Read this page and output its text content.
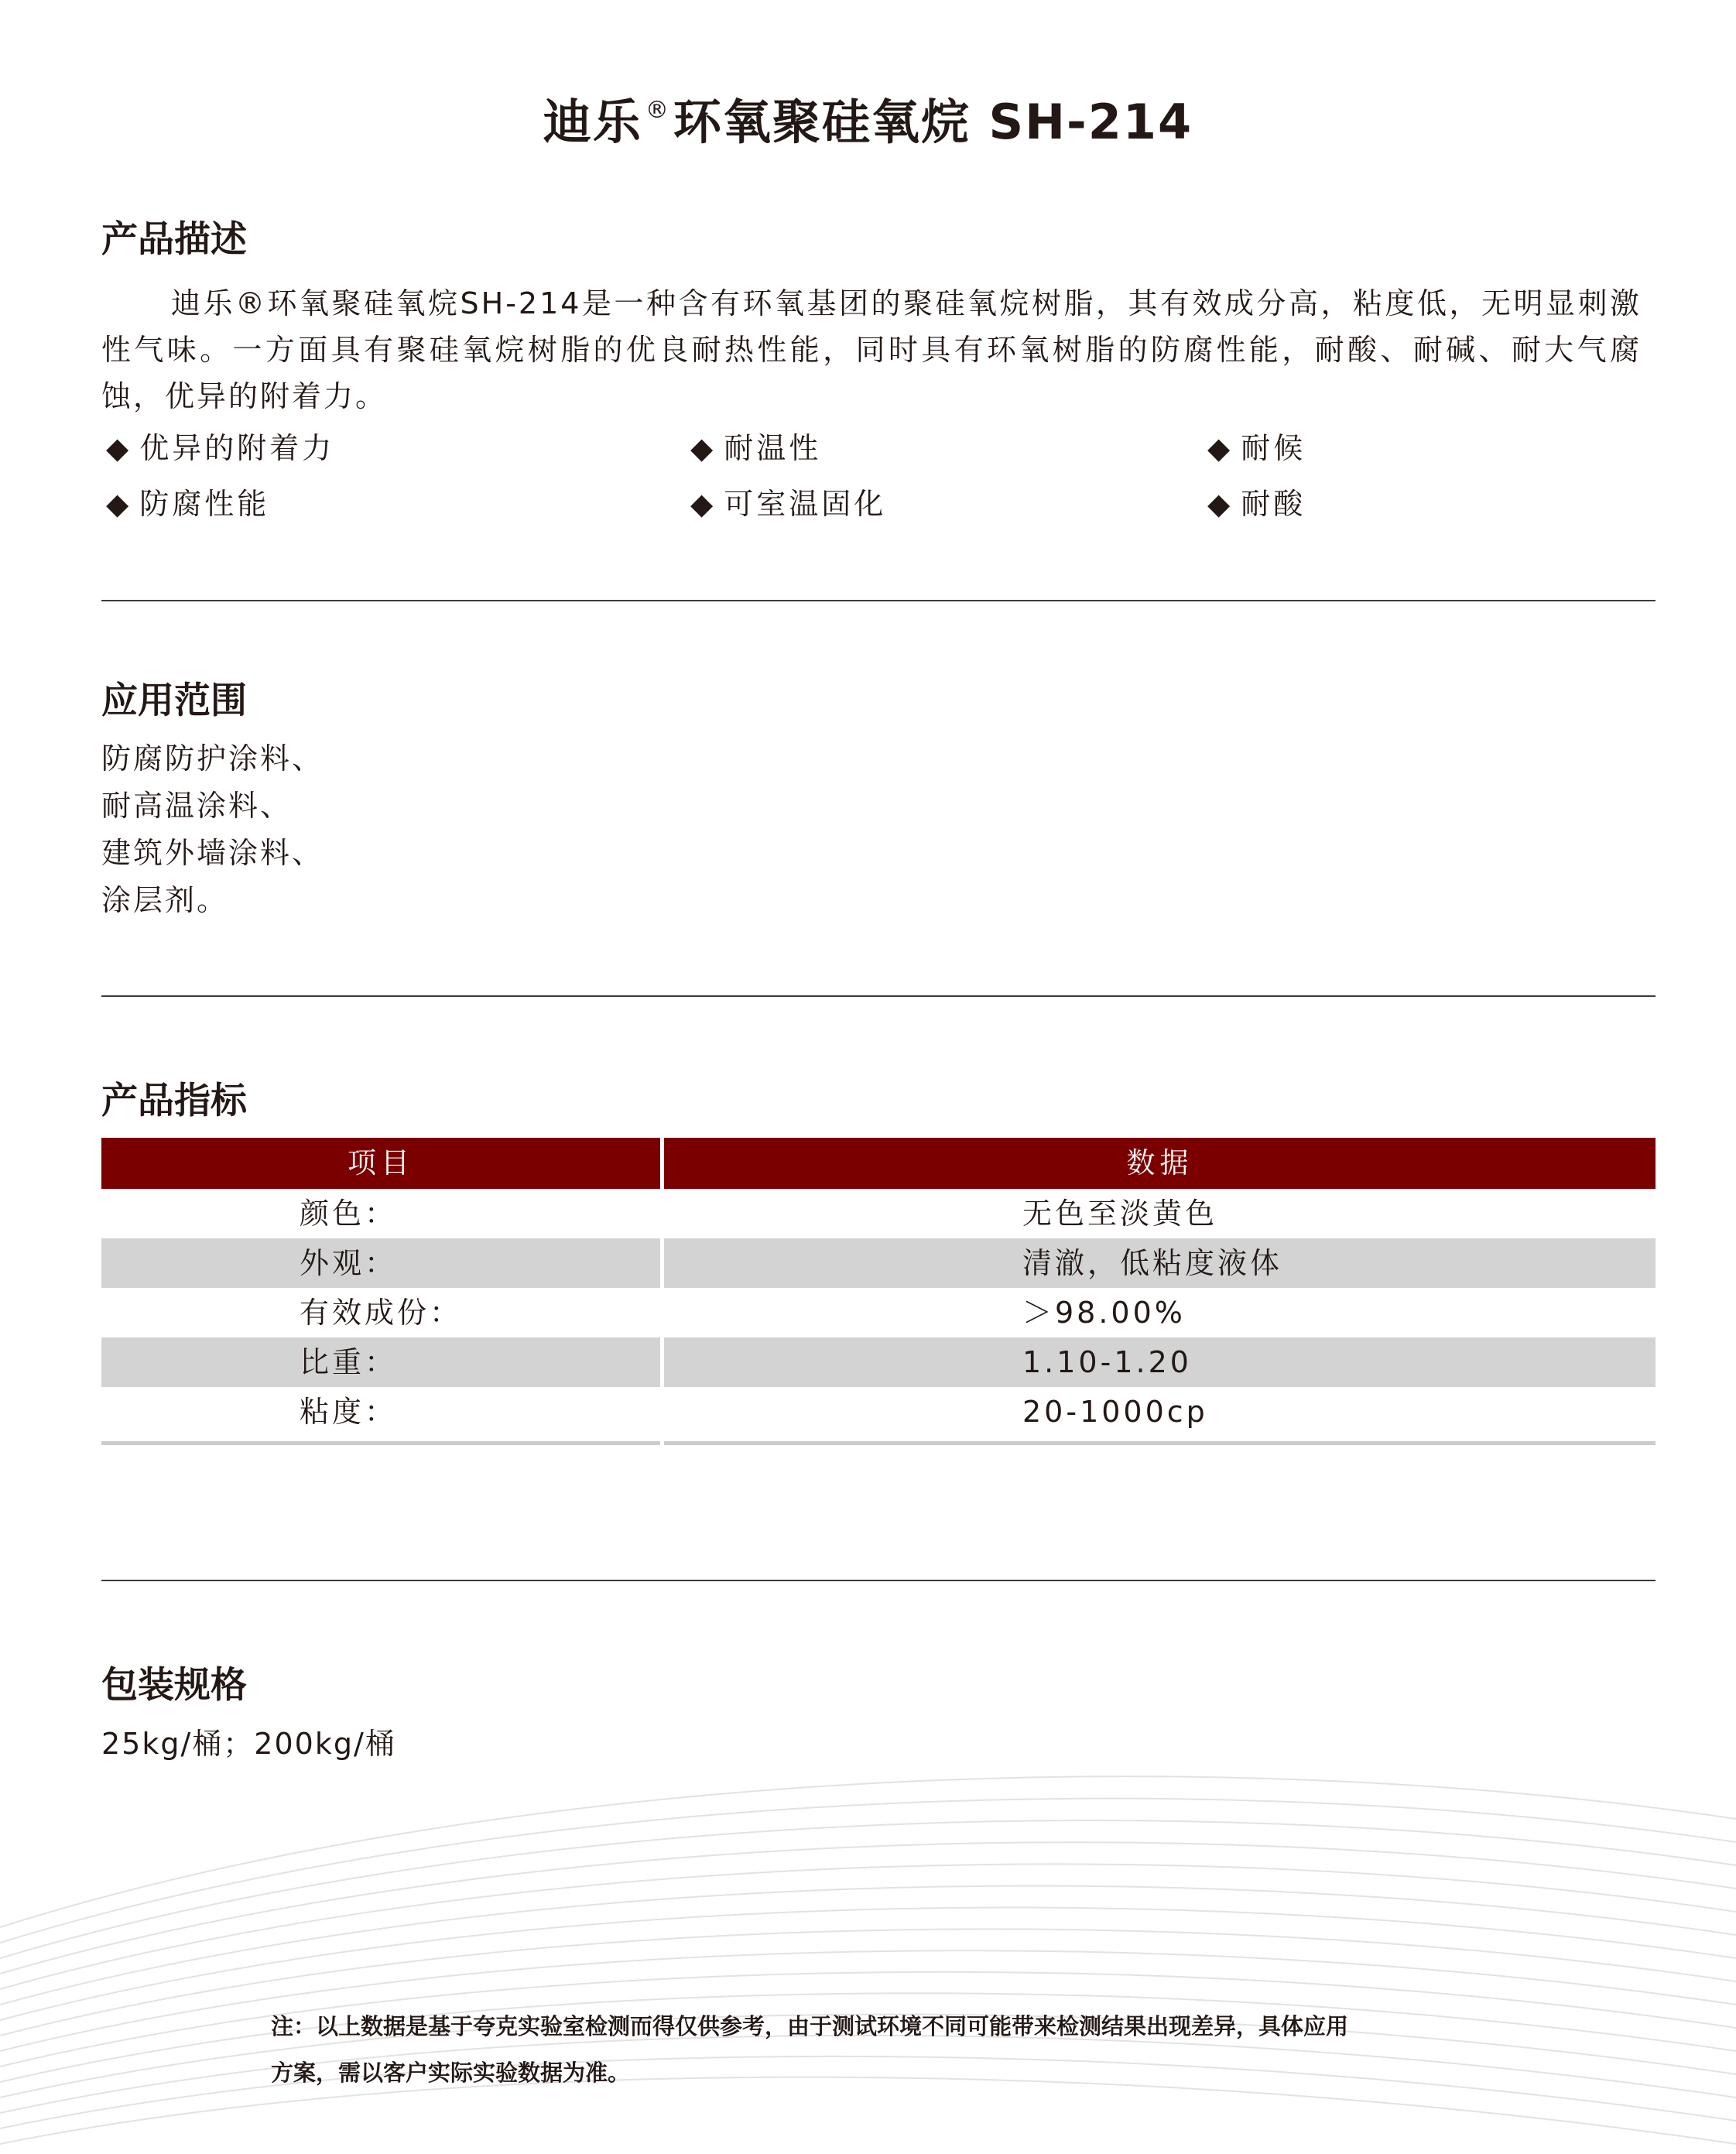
迪乐 ®环氧聚硅氧烷 SH-214
产品描述
迪乐®环氧聚硅氧烷SH-214是一种含有环氧基团的聚硅氧烷树脂，其有效成分高，粘度低，无明显刺激性气味。一方面具有聚硅氧烷树脂的优良耐热性能，同时具有环氧树脂的防腐性能，耐酸、耐碱、耐大气腐蚀，优异的附着力。
◆ 优异的附着力	◆ 耐温性	◆ 耐候
◆ 防腐性能	◆ 可室温固化	◆ 耐酸
应用范围
防腐防护涂料、
耐高温涂料、
建筑外墙涂料、
涂层剂。
产品指标
项目	数据
颜色：	无色至淡黄色
外观：	清澈，低粘度液体
有效成份：	＞98.00%
比重：	1.10-1.20
粘度：	20-1000cp
包装规格
25kg/桶；200kg/桶
注：以上数据是基于夸克实验室检测而得仅供参考，由于测试环境不同可能带来检测结果出现差异，具体应用
方案，需以客户实际实验数据为准。
